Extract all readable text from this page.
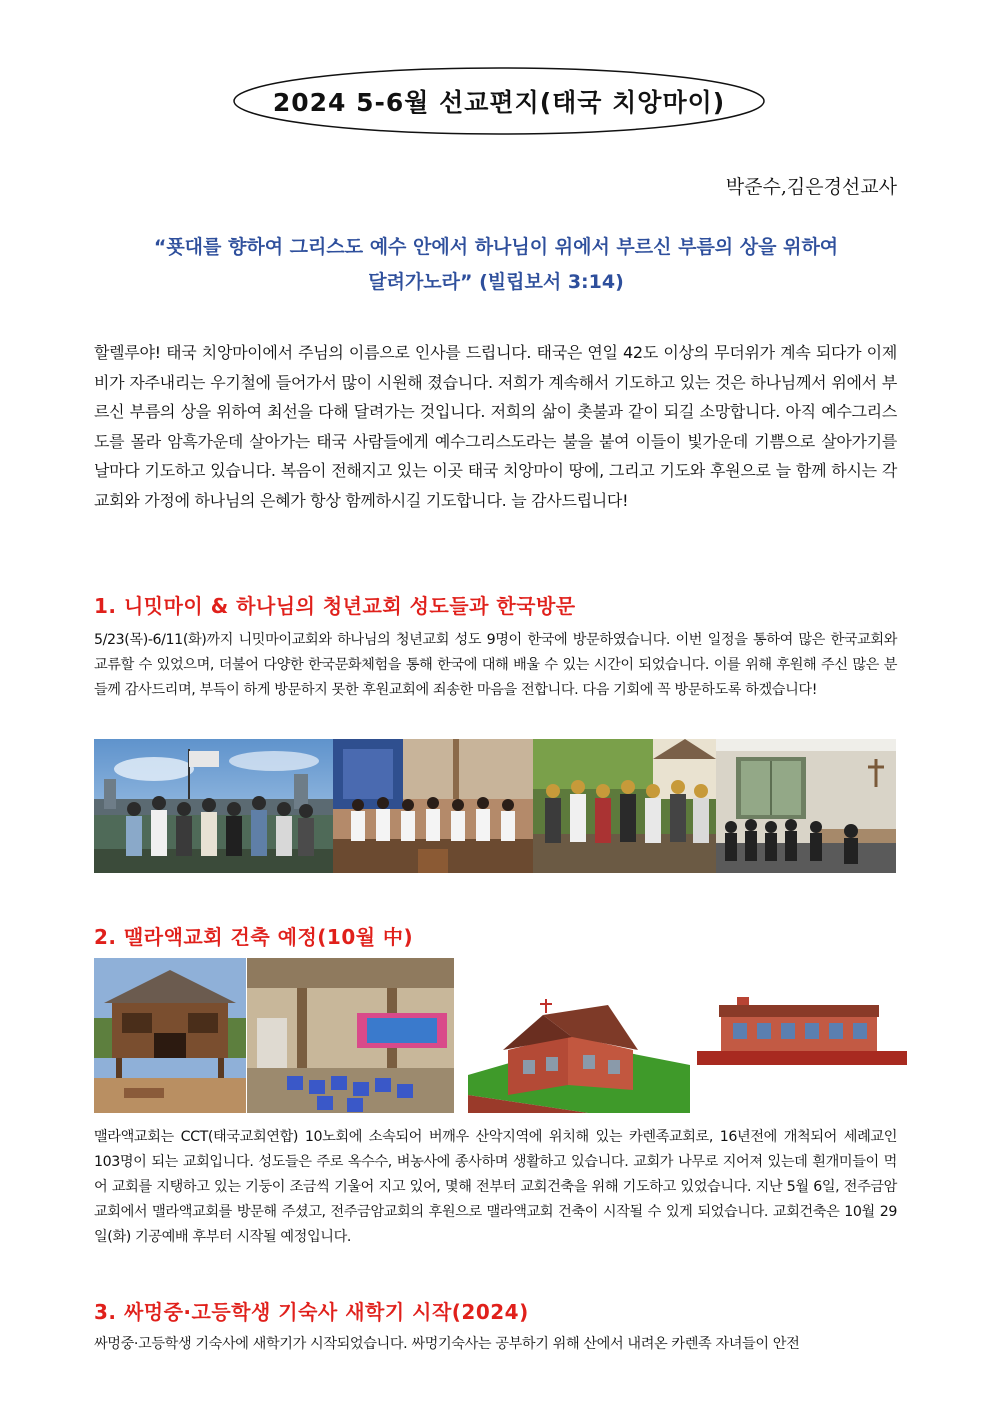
2024 5-6월 선교편지(태국 치앙마이)
박준수,김은경선교사
“푯대를 향하여 그리스도 예수 안에서 하나님이 위에서 부르신 부름의 상을 위하여
달려가노라” (빌립보서 3:14)
할렐루야! 태국 치앙마이에서 주님의 이름으로 인사를 드립니다. 태국은 연일 42도 이상의 무더위가 계속 되다가 이제 비가 자주내리는 우기철에 들어가서 많이 시원해 졌습니다. 저희가 계속해서 기도하고 있는 것은 하나님께서 위에서 부르신 부름의 상을 위하여 최선을 다해 달려가는 것입니다. 저희의 삶이 촛불과 같이 되길 소망합니다. 아직 예수그리스도를 몰라 암흑가운데 살아가는 태국 사람들에게 예수그리스도라는 불을 붙여 이들이 빛가운데 기쁨으로 살아가기를 날마다 기도하고 있습니다. 복음이 전해지고 있는 이곳 태국 치앙마이 땅에, 그리고 기도와 후원으로 늘 함께 하시는 각 교회와 가정에 하나님의 은혜가 항상 함께하시길 기도합니다. 늘 감사드립니다!
1. 니밋마이 & 하나님의 청년교회 성도들과 한국방문
5/23(목)-6/11(화)까지 니밋마이교회와 하나님의 청년교회 성도 9명이 한국에 방문하였습니다. 이번 일정을 통하여 많은 한국교회와 교류할 수 있었으며, 더불어 다양한 한국문화체험을 통해 한국에 대해 배울 수 있는 시간이 되었습니다. 이를 위해 후원해 주신 많은 분들께 감사드리며, 부득이 하게 방문하지 못한 후원교회에 죄송한 마음을 전합니다. 다음 기회에 꼭 방문하도록 하겠습니다!
2. 맬라액교회 건축 예정(10월 中)
맬라액교회는 CCT(태국교회연합) 10노회에 소속되어 버깨우 산악지역에 위치해 있는 카렌족교회로, 16년전에 개척되어 세례교인 103명이 되는 교회입니다. 성도들은 주로 옥수수, 벼농사에 종사하며 생활하고 있습니다. 교회가 나무로 지어져 있는데 흰개미들이 먹어 교회를 지탱하고 있는 기둥이 조금씩 기울어 지고 있어, 몇해 전부터 교회건축을 위해 기도하고 있었습니다. 지난 5월 6일, 전주금암교회에서 맬라액교회를 방문해 주셨고, 전주금암교회의 후원으로 맬라액교회 건축이 시작될 수 있게 되었습니다. 교회건축은 10월 29일(화) 기공예배 후부터 시작될 예정입니다.
3. 싸멍중·고등학생 기숙사 새학기 시작(2024)
싸멍중·고등학생 기숙사에 새학기가 시작되었습니다. 싸멍기숙사는 공부하기 위해 산에서 내려온 카렌족 자녀들이 안전
